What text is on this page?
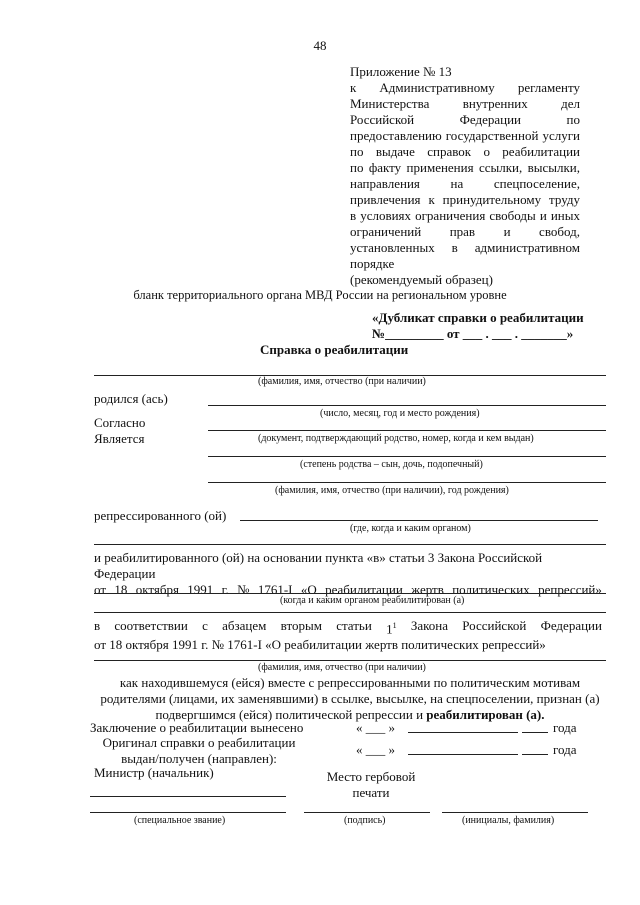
48
Приложение № 13
к Административному регламенту
Министерства	внутренних	дел
Российской	Федерации	по
предоставлению государственной услуги
по выдаче справок о реабилитации
по факту применения ссылки, высылки,
направления на спецпоселение,
привлечения к принудительному труду
в условиях ограничения свободы и иных
ограничений прав и свобод,
установленных в административном
порядке
(рекомендуемый образец)
бланк территориального органа МВД России на региональном уровне
«Дубликат справки о реабилитации
№_________ от ___ . ___ . _______»
Справка о реабилитации
(фамилия, имя, отчество (при наличии)
родился (ась)
(число, месяц, год и место рождения)
Согласно
Является	(документ, подтверждающий родство, номер, когда и кем выдан)
(степень родства – сын, дочь, подопечный)
(фамилия, имя, отчество (при наличии), год рождения)
репрессированного (ой)
(где, когда и каким органом)
и реабилитированного (ой) на основании пункта «в» статьи 3 Закона Российской Федерации
от 18 октября 1991 г. № 1761-I «О реабилитации жертв политических репрессий»
(когда и каким органом реабилитирован (а)
в соответствии с абзацем вторым статьи $1^1$ Закона Российской Федерации
от 18 октября 1991 г. № 1761-I «О реабилитации жертв политических репрессий»
(фамилия, имя, отчество (при наличии)
как находившемуся (ейся) вместе с репрессированными по политическим мотивам
родителями (лицами, их заменявшими) в ссылке, высылке, на спецпоселении, признан (а)
подвергшимся (ейся) политической репрессии и реабилитирован (а).
Заключение о реабилитации вынесено	« ___ »	года
Оригинал справки о реабилитации
выдан/получен (направлен):
« ___ »	года
Министр (начальник)	Место гербовой
печати
(специальное звание)	(подпись)	(инициалы, фамилия)
